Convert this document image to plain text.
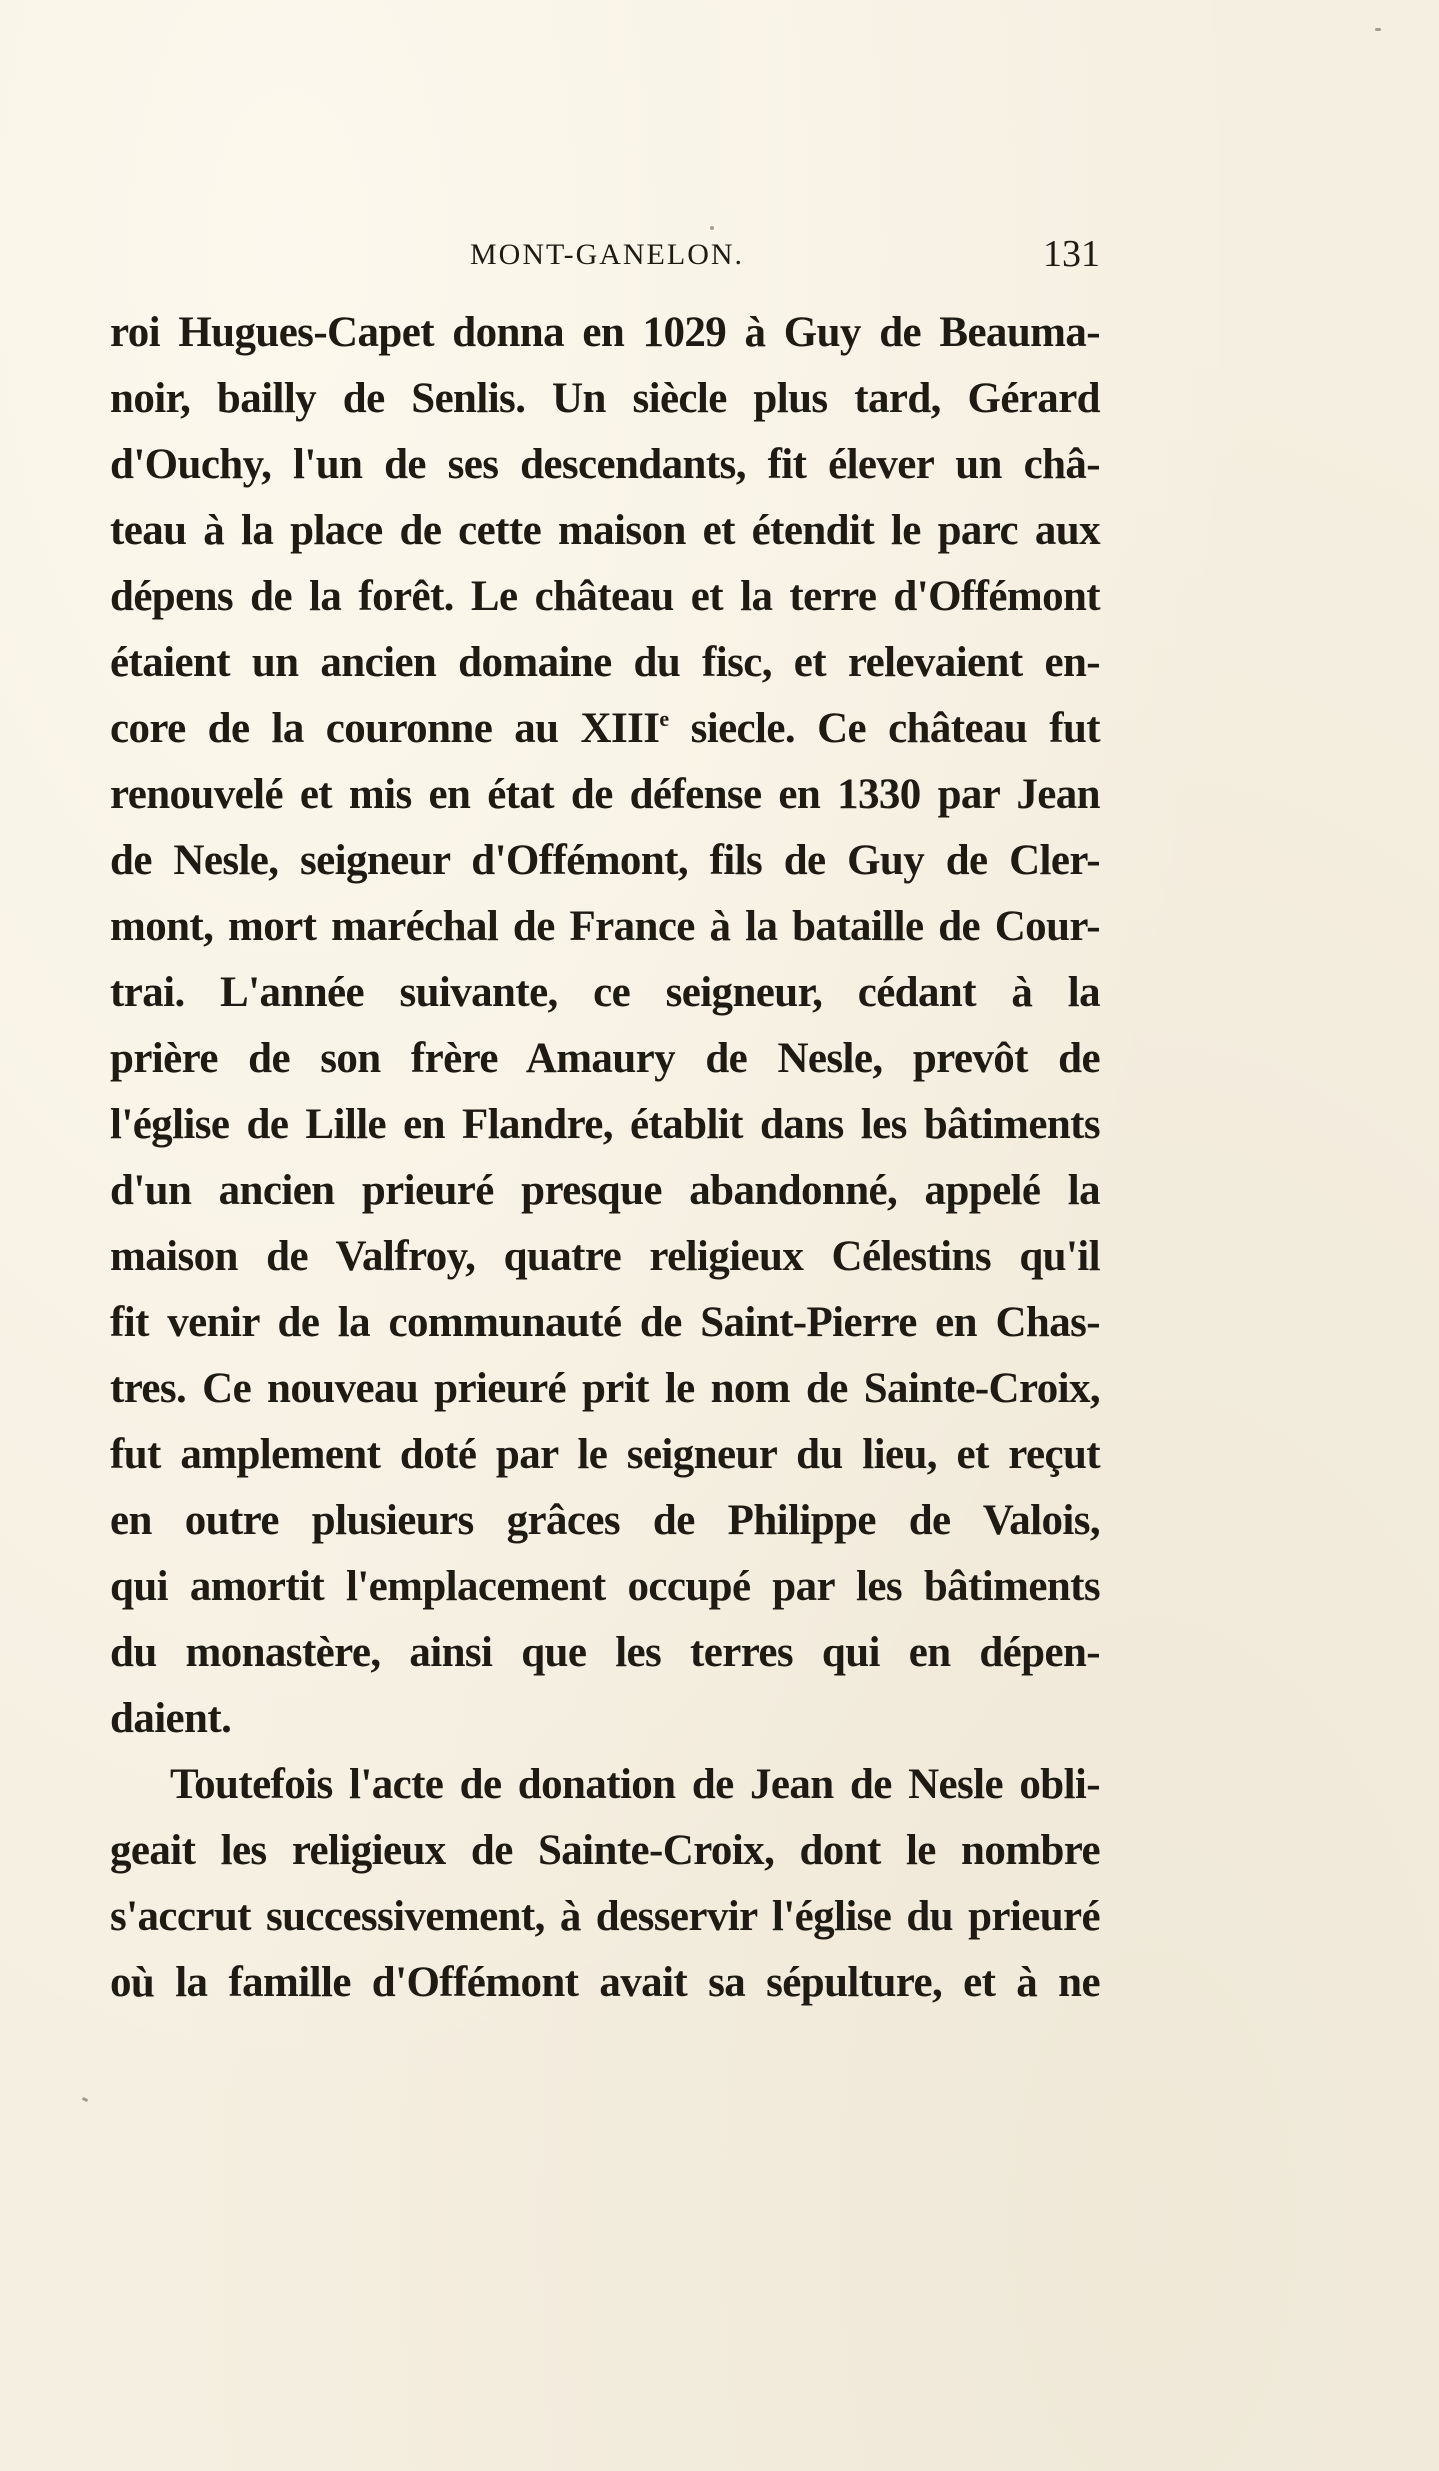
MONT-GANELON.	131
roi Hugues-Capet donna en 1029 à Guy de Beauma-
noir, bailly de Senlis. Un siècle plus tard, Gérard
d'Ouchy, l'un de ses descendants, fit élever un châ-
teau à la place de cette maison et étendit le parc aux
dépens de la forêt. Le château et la terre d'Offémont
étaient un ancien domaine du fisc, et relevaient en-
core de la couronne au XIIIe siecle. Ce château fut
renouvelé et mis en état de défense en 1330 par Jean
de Nesle, seigneur d'Offémont, fils de Guy de Cler-
mont, mort maréchal de France à la bataille de Cour-
trai. L'année suivante, ce seigneur, cédant à la
prière de son frère Amaury de Nesle, prevôt de
l'église de Lille en Flandre, établit dans les bâtiments
d'un ancien prieuré presque abandonné, appelé la
maison de Valfroy, quatre religieux Célestins qu'il
fit venir de la communauté de Saint-Pierre en Chas-
tres. Ce nouveau prieuré prit le nom de Sainte-Croix,
fut amplement doté par le seigneur du lieu, et reçut
en outre plusieurs grâces de Philippe de Valois,
qui amortit l'emplacement occupé par les bâtiments
du monastère, ainsi que les terres qui en dépen-
daient.
Toutefois l'acte de donation de Jean de Nesle obli-
geait les religieux de Sainte-Croix, dont le nombre
s'accrut successivement, à desservir l'église du prieuré
où la famille d'Offémont avait sa sépulture, et à ne
